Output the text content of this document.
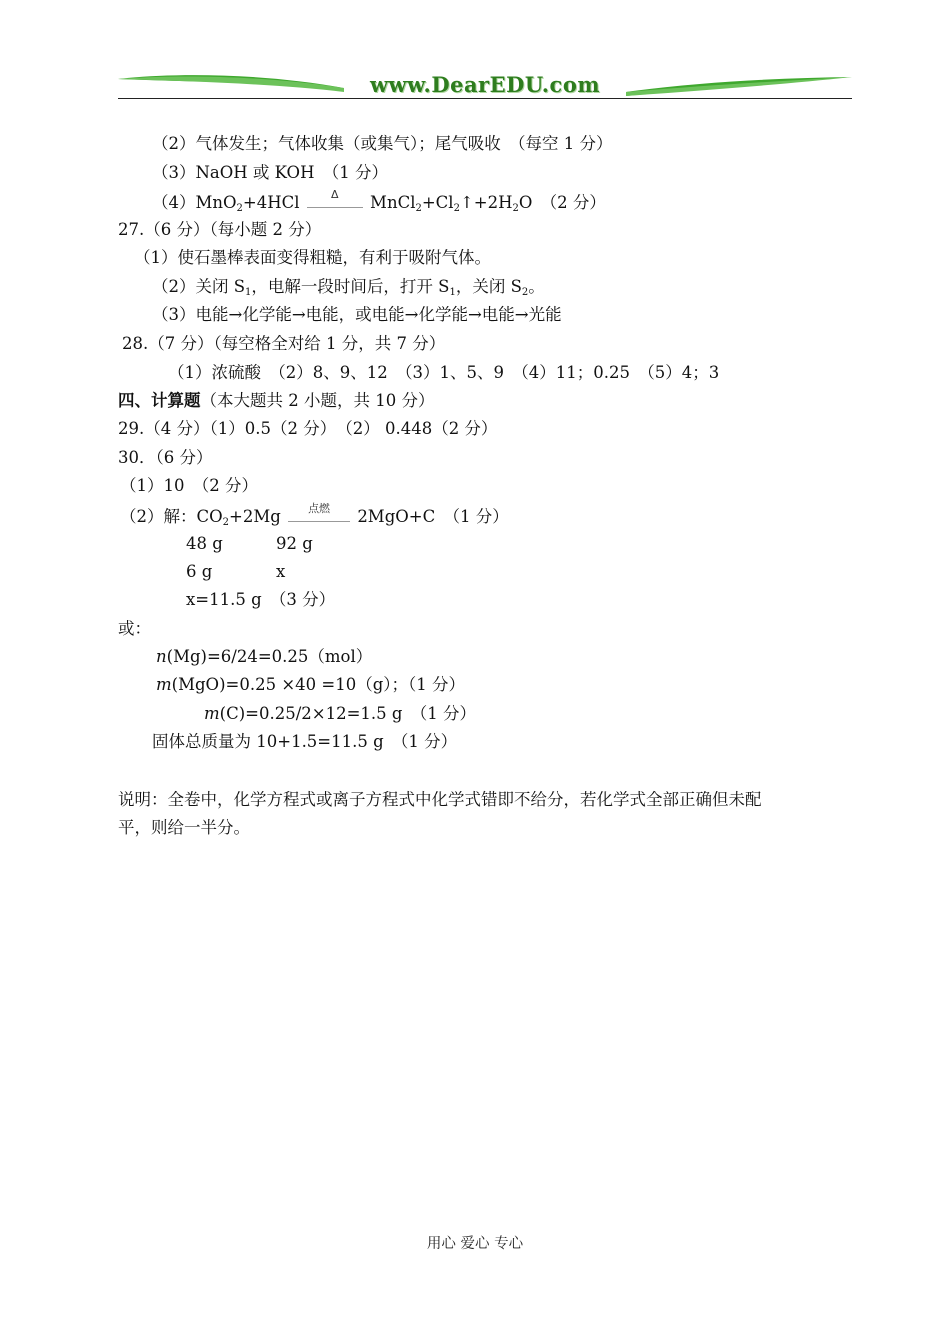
www.DearEDU.com
（2）气体发生；气体收集（或集气）；尾气吸收　（每空 1 分）
（3）NaOH 或 KOH　（1 分）
（4）MnO$_2$+4HCl	Δ	$MnCl_2+Cl_2↑+2H_2O$　（2 分）
27.（6 分）（每小题 2 分）
（1）使石墨棒表面变得粗糙，有利于吸附气体。
（2）关闭 $S_1$，电解一段时间后，打开 $S_1$，关闭 $S_2$。
（3）电能→化学能→电能，或电能→化学能→电能→光能
28.（7 分）（每空格全对给 1 分，共 7 分）
（1）浓硫酸　（2）8、9、12　（3）1、5、9　（4）11；0.25　（5）4；3
四、计算题（本大题共 2 小题，共 10 分）
29.（4 分）（1）0.5（2 分）　（2） 0.448（2 分）
30．（6 分）
（1）10　（2 分）
（2）解：$CO_2+2Mg$	点燃	2MgO+C　（1 分）
48 g	92 g
6 g	x
x=11.5 g　（3 分）
或：
n(Mg)=6/24=0.25（mol）
m(MgO)=0.25 ×40 =10（g）；（1 分）
m(C)=0.25/2×12=1.5 g　（1 分）
固体总质量为 10+1.5=11.5 g　（1 分）
说明：全卷中，化学方程式或离子方程式中化学式错即不给分，若化学式全部正确但未配
平，则给一半分。
用心 爱心 专心
